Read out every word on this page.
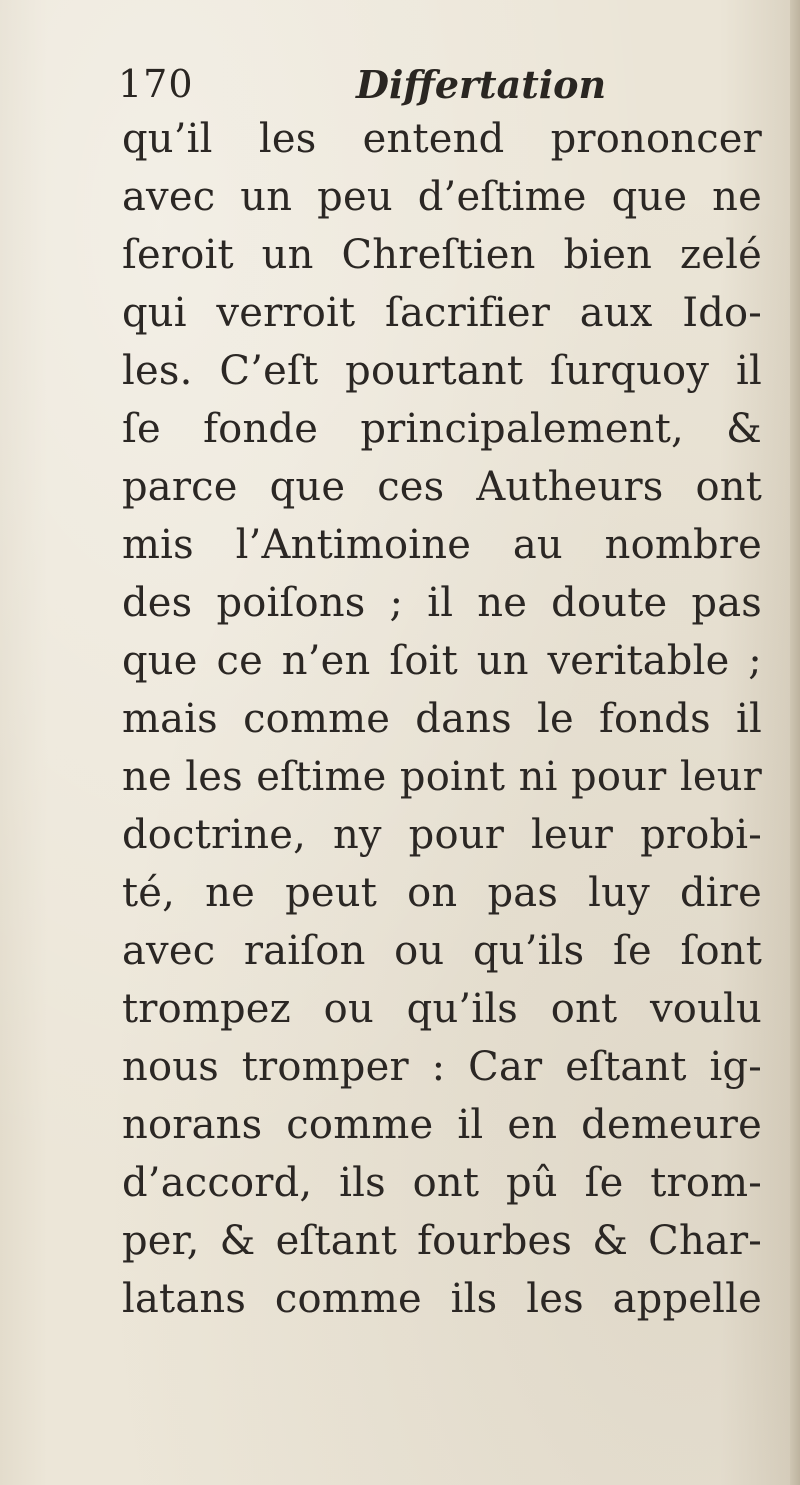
170	Differtation
qu’il les entend prononcer
avec un peu d’eſtime que ne
ſeroit un Chreſtien bien zelé
qui verroit ſacrifier aux Ido-
les. C’eſt pourtant ſurquoy il
ſe fonde principalement, &
parce que ces Autheurs ont
mis l’Antimoine au nombre
des poiſons ; il ne doute pas
que ce n’en ſoit un veritable ;
mais comme dans le fonds il
ne les eſtime point ni pour leur
doctrine, ny pour leur probi-
té, ne peut on pas luy dire
avec raiſon ou qu’ils ſe ſont
trompez ou qu’ils ont voulu
nous tromper : Car eſtant ig-
norans comme il en demeure
d’accord, ils ont pû ſe trom-
per, & eſtant fourbes & Char-
latans comme ils les appelle
